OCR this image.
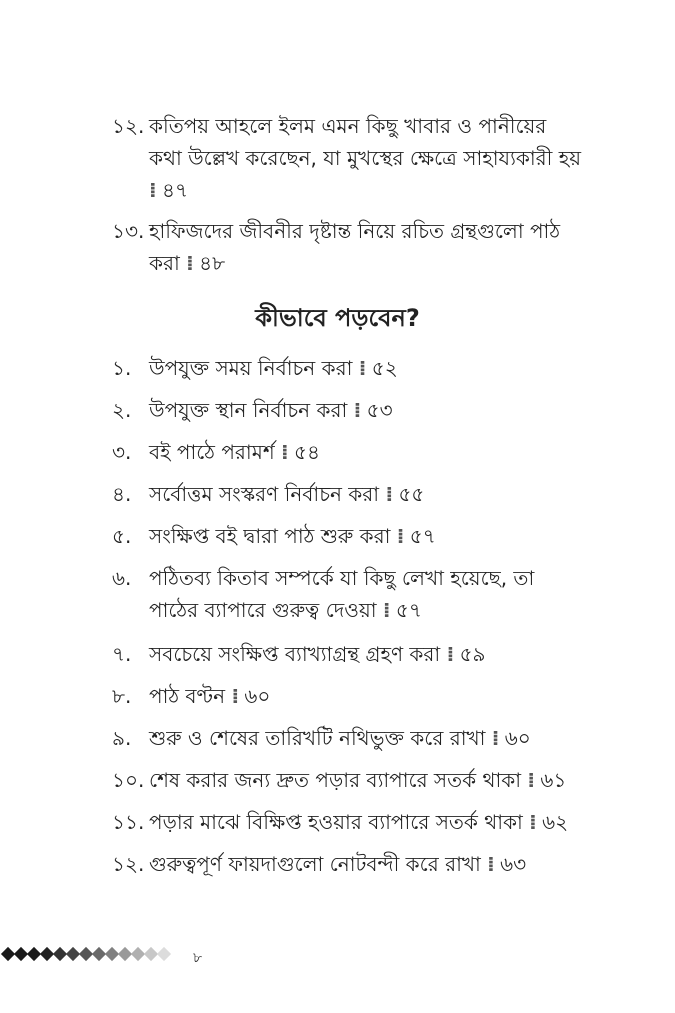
১২. কতিপয় আহলে ইলম এমন কিছু খাবার ও পানীয়ের কথা উল্লেখ করেছেন, যা মুখস্থের ক্ষেত্রে সাহায্যকারী হয় ⁞ ৪৭
১৩. হাফিজদের জীবনীর দৃষ্টান্ত নিয়ে রচিত গ্রন্থগুলো পাঠ করা ⁞ ৪৮
কীভাবে পড়বেন?
১. উপযুক্ত সময় নির্বাচন করা ⁞ ৫২
২. উপযুক্ত স্থান নির্বাচন করা ⁞ ৫৩
৩. বই পাঠে পরামর্শ ⁞ ৫৪
৪. সর্বোত্তম সংস্করণ নির্বাচন করা ⁞ ৫৫
৫. সংক্ষিপ্ত বই দ্বারা পাঠ শুরু করা ⁞ ৫৭
৬. পঠিতব্য কিতাব সম্পর্কে যা কিছু লেখা হয়েছে, তা পাঠের ব্যাপারে গুরুত্ব দেওয়া ⁞ ৫৭
৭. সবচেয়ে সংক্ষিপ্ত ব্যাখ্যাগ্রন্থ গ্রহণ করা ⁞ ৫৯
৮. পাঠ বণ্টন ⁞ ৬০
৯. শুরু ও শেষের তারিখটি নথিভুক্ত করে রাখা ⁞ ৬০
১০. শেষ করার জন্য দ্রুত পড়ার ব্যাপারে সতর্ক থাকা ⁞ ৬১
১১. পড়ার মাঝে বিক্ষিপ্ত হওয়ার ব্যাপারে সতর্ক থাকা ⁞ ৬২
১২. গুরুত্বপূর্ণ ফায়দাগুলো নোটবন্দী করে রাখা ⁞ ৬৩
৮
